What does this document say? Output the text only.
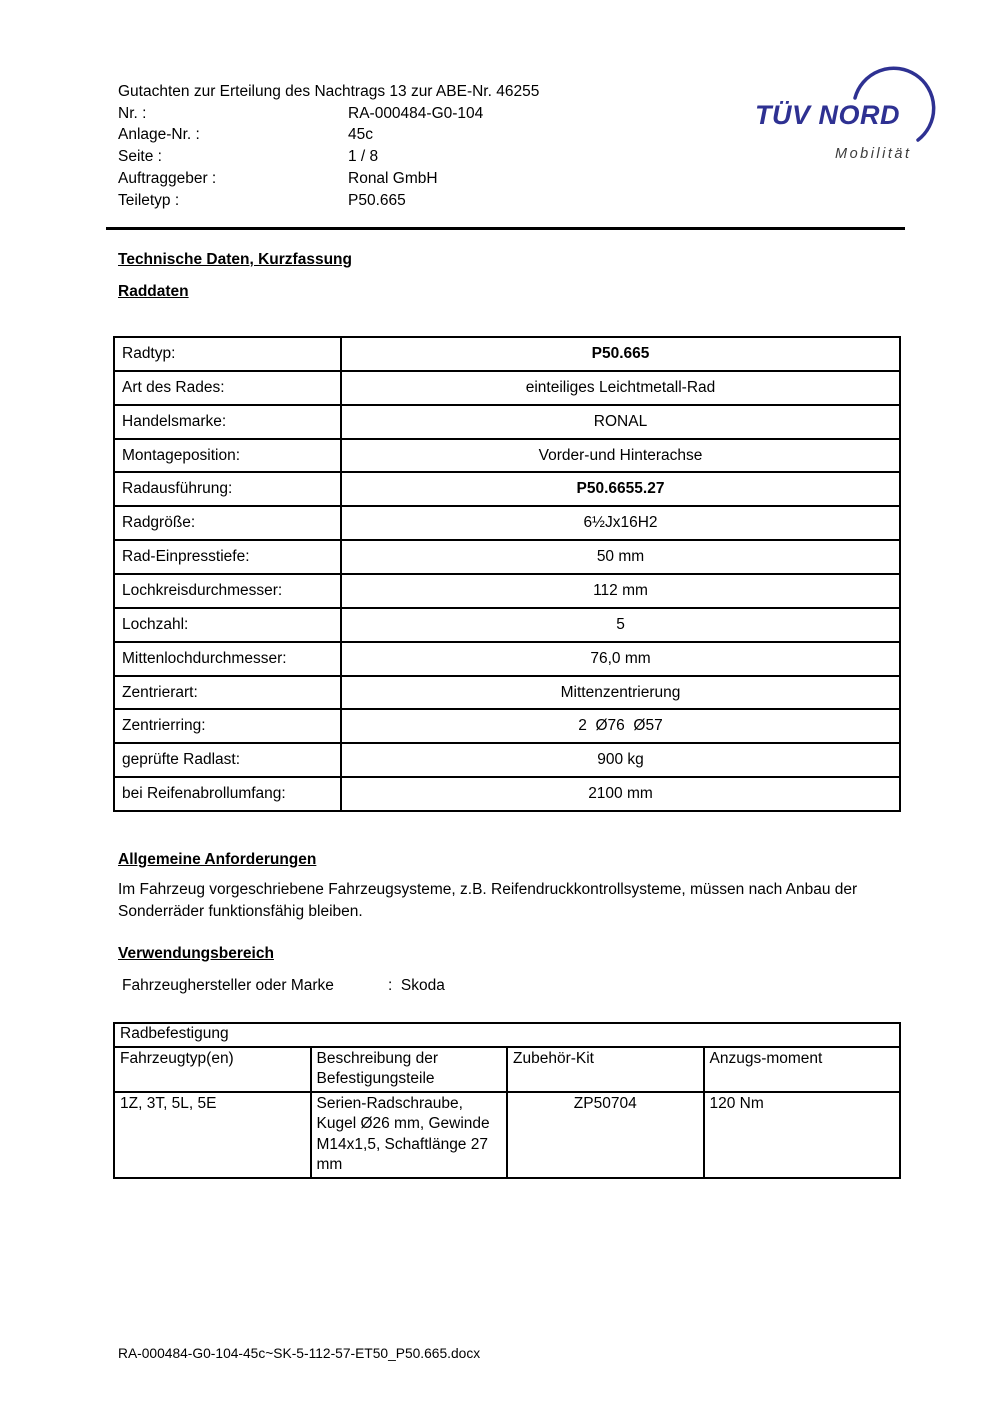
Gutachten zur Erteilung des Nachtrags 13 zur ABE-Nr. 46255
Nr. :	RA-000484-G0-104
Anlage-Nr. :	45c
Seite :	1 / 8
Auftraggeber :	Ronal GmbH
Teiletyp :	P50.665
TÜV NORD
Mobilität
Technische Daten, Kurzfassung
Raddaten
Radtyp:	P50.665
Art des Rades:	einteiliges Leichtmetall-Rad
Handelsmarke:	RONAL
Montageposition:	Vorder-und Hinterachse
Radausführung:	P50.6655.27
Radgröße:	6½Jx16H2
Rad-Einpresstiefe:	50 mm
Lochkreisdurchmesser:	112 mm
Lochzahl:	5
Mittenlochdurchmesser:	76,0 mm
Zentrierart:	Mittenzentrierung
Zentrierring:	2  Ø76  Ø57
geprüfte Radlast:	900 kg
bei Reifenabrollumfang:	2100 mm
Allgemeine Anforderungen
Im Fahrzeug vorgeschriebene Fahrzeugsysteme, z.B. Reifendruckkontrollsysteme, müssen nach Anbau der Sonderräder funktionsfähig bleiben.
Verwendungsbereich
Fahrzeughersteller oder Marke	:  Skoda
Radbefestigung			
Fahrzeugtyp(en)	Beschreibung der Befestigungsteile	Zubehör-Kit	Anzugs-moment
1Z, 3T, 5L, 5E	Serien-Radschraube, Kugel Ø26 mm, Gewinde M14x1,5, Schaftlänge 27 mm	ZP50704	120 Nm
RA-000484-G0-104-45c~SK-5-112-57-ET50_P50.665.docx
